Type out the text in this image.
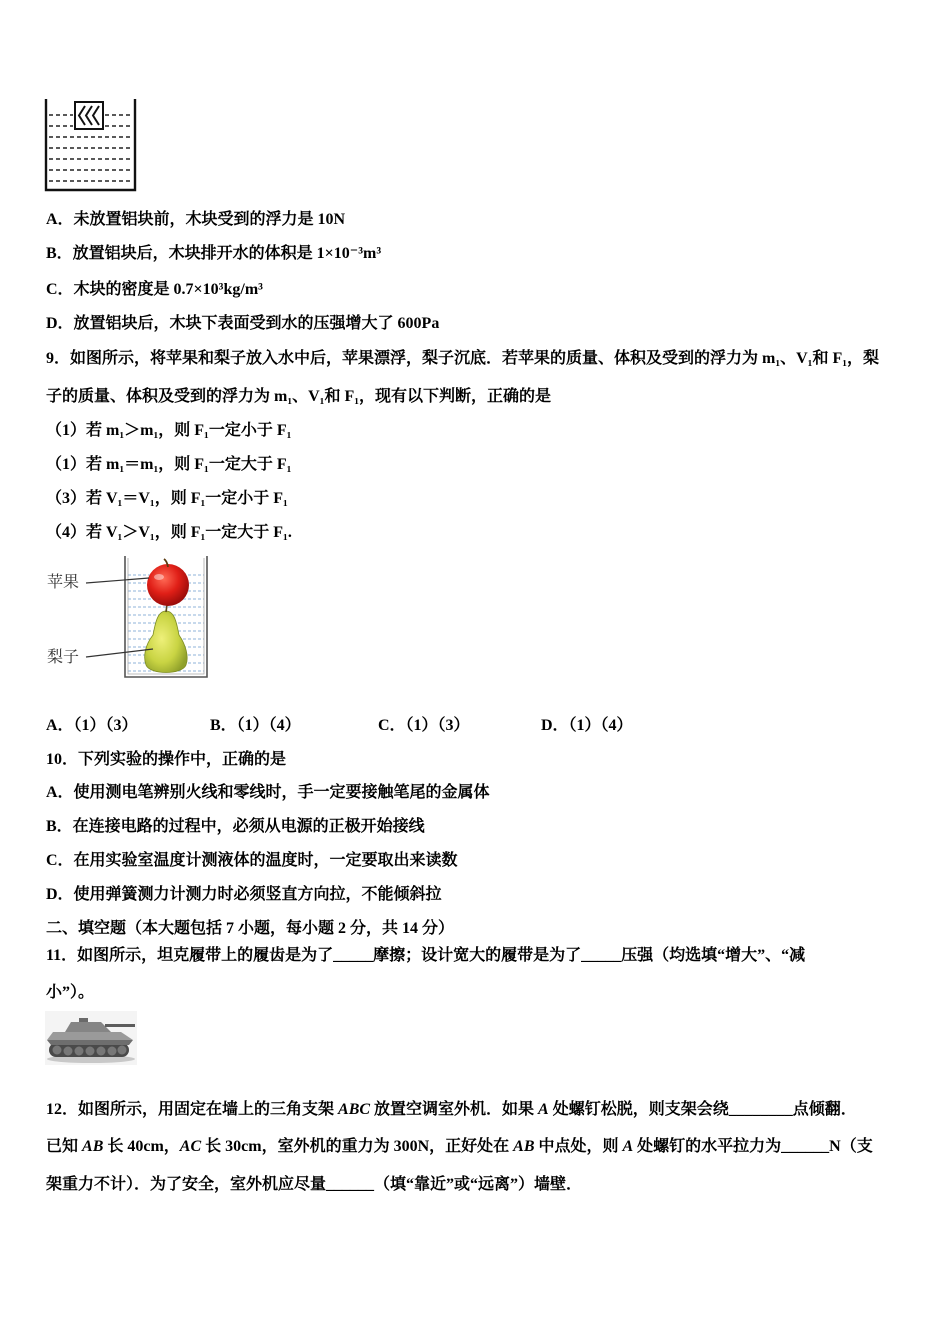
A．未放置铝块前，木块受到的浮力是 10N
B．放置铝块后，木块排开水的体积是 1×10⁻³m³
C．木块的密度是 0.7×10³kg/m³
D．放置铝块后，木块下表面受到水的压强增大了 600Pa
9．如图所示，将苹果和梨子放入水中后，苹果漂浮，梨子沉底．若苹果的质量、体积及受到的浮力为 m₁、V₁和 F₁，梨
子的质量、体积及受到的浮力为 m₁、V₁和 F₁，现有以下判断，正确的是
（1）若 m₁＞m₁，则 F₁一定小于 F₁
（1）若 m₁＝m₁，则 F₁一定大于 F₁
（3）若 V₁＝V₁，则 F₁一定小于 F₁
（4）若 V₁＞V₁，则 F₁一定大于 F₁.
苹果
梨子
A．（1）（3）	B．（1）（4）	C．（1）（3）	D．（1）（4）
10．下列实验的操作中，正确的是
A．使用测电笔辨别火线和零线时，手一定要接触笔尾的金属体
B．在连接电路的过程中，必须从电源的正极开始接线
C．在用实验室温度计测液体的温度时，一定要取出来读数
D．使用弹簧测力计测力时必须竖直方向拉，不能倾斜拉
二、填空题（本大题包括 7 小题，每小题 2 分，共 14 分）
11．如图所示，坦克履带上的履齿是为了_____摩擦；设计宽大的履带是为了_____压强（均选填“增大”、“减
小”）。
12．如图所示，用固定在墙上的三角支架 ABC 放置空调室外机．如果 A 处螺钉松脱，则支架会绕________点倾翻．
已知 AB 长 40cm，AC 长 30cm，室外机的重力为 300N，正好处在 AB 中点处，则 A 处螺钉的水平拉力为______N（支
架重力不计）．为了安全，室外机应尽量______（填“靠近”或“远离”）墙壁．
